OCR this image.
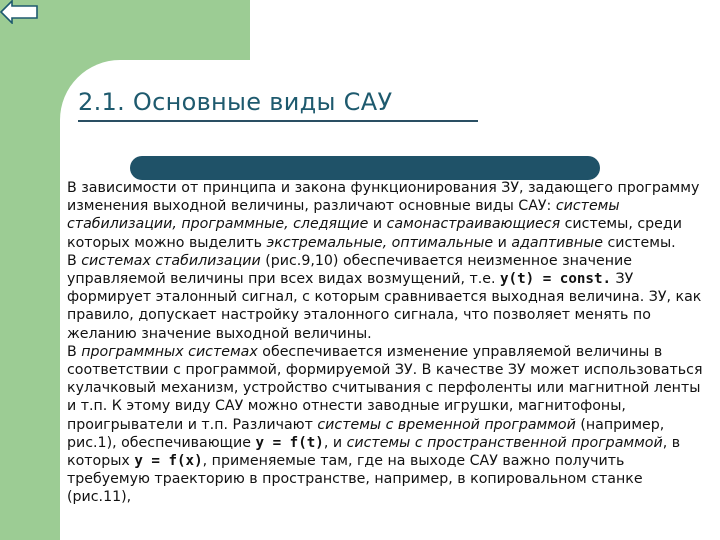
2.1. Основные виды САУ

В зависимости от принципа и закона функционирования ЗУ, задающего программу изменения выходной величины, различают основные виды САУ: системы стабилизации, программные, следящие и самонастраивающиеся системы, среди которых можно выделить экстремальные, оптимальные и адаптивные системы.

В системах стабилизации (рис.9,10) обеспечивается неизменное значение управляемой величины при всех видах возмущений, т.е. y(t) = const. ЗУ формирует эталонный сигнал, с которым сравнивается выходная величина. ЗУ, как правило, допускает настройку эталонного сигнала, что позволяет менять по желанию значение выходной величины.

В программных системах обеспечивается изменение управляемой величины в соответствии с программой, формируемой ЗУ. В качестве ЗУ может использоваться кулачковый механизм, устройство считывания с перфоленты или магнитной ленты и т.п. К этому виду САУ можно отнести заводные игрушки, магнитофоны, проигрыватели и т.п. Различают системы с временной программой (например, рис.1), обеспечивающие y = f(t), и системы с пространственной программой, в которых y = f(x), применяемые там, где на выходе САУ важно получить требуемую траекторию в пространстве, например, в копировальном станке (рис.11),
